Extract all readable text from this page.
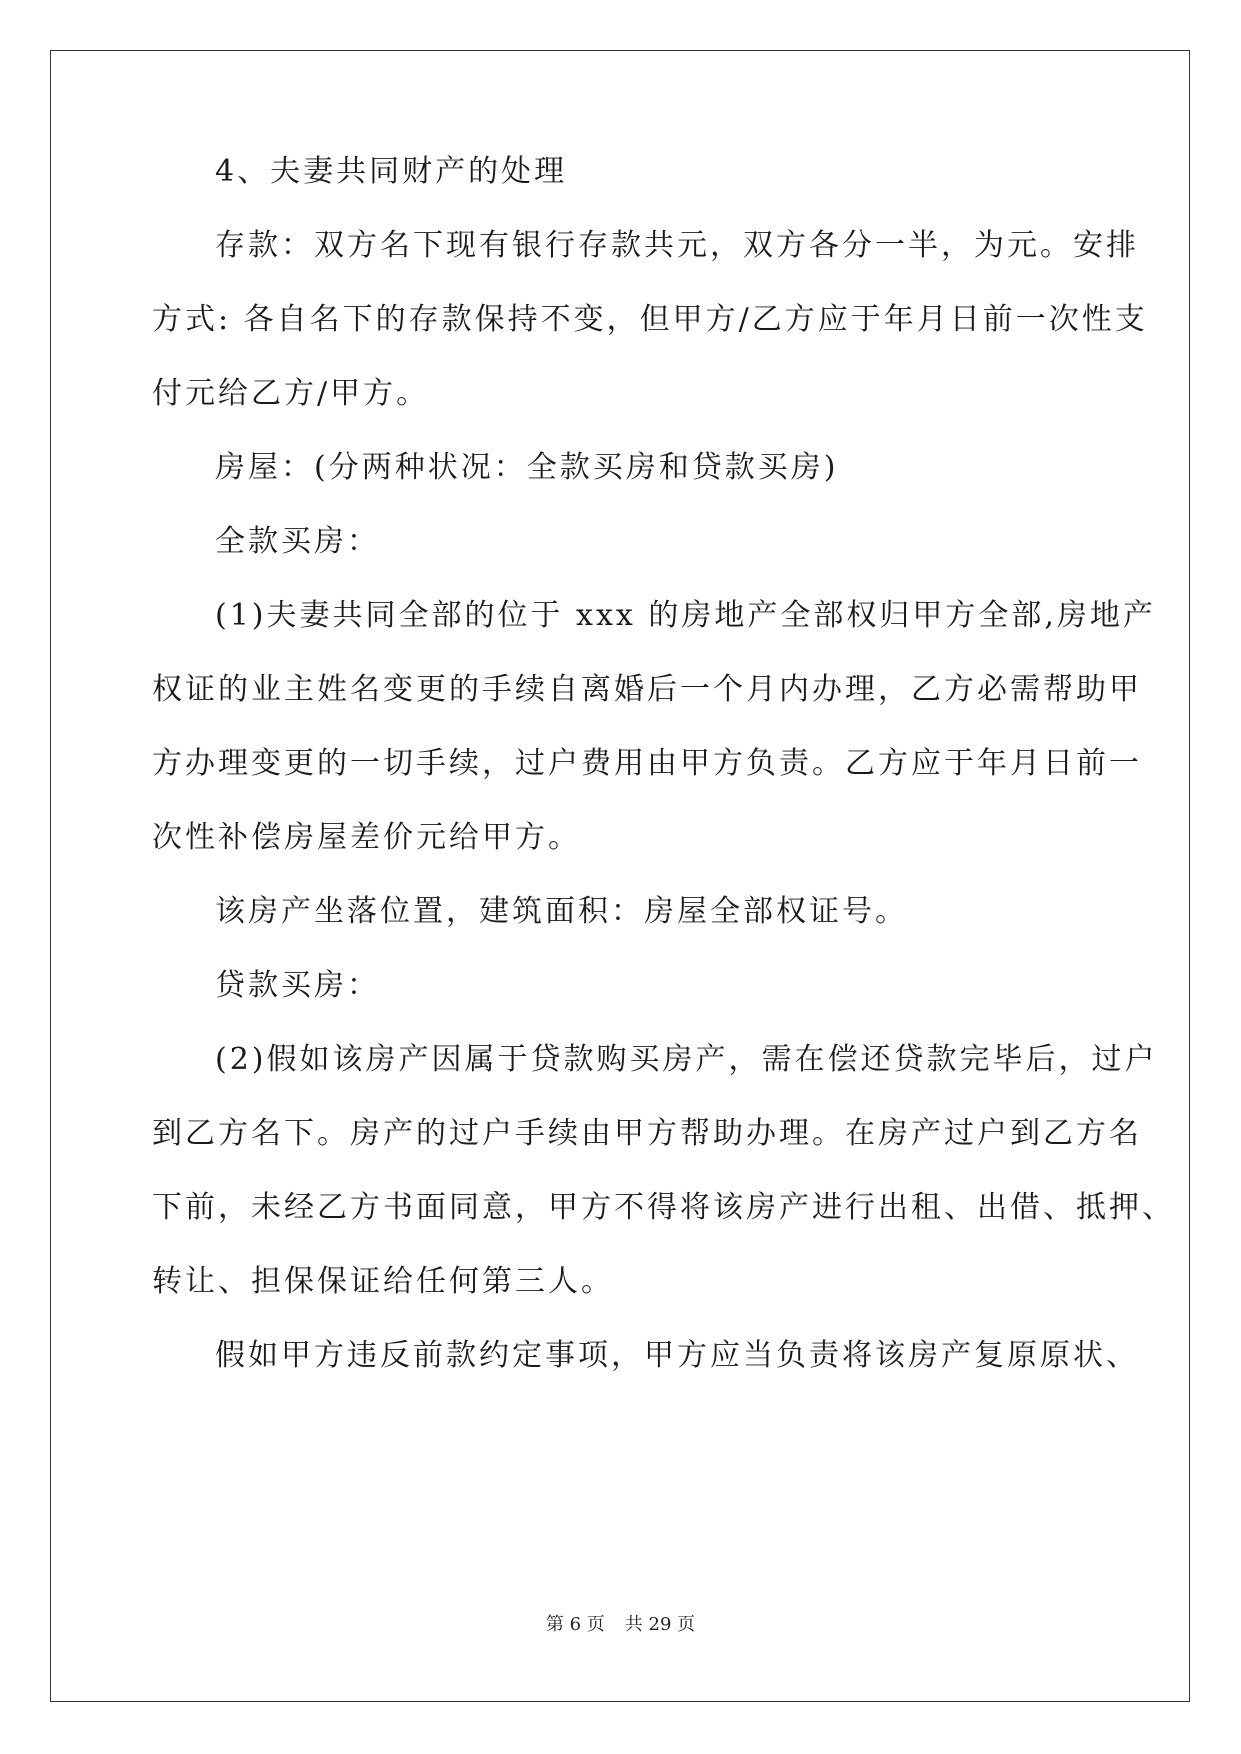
4、夫妻共同财产的处理
存款：双方名下现有银行存款共元，双方各分一半，为元。安排
方式: 各自名下的存款保持不变，但甲方/乙方应于年月日前一次性支
付元给乙方/甲方。
房屋：(分两种状况：全款买房和贷款买房)
全款买房：
(1)夫妻共同全部的位于 xxx 的房地产全部权归甲方全部,房地产
权证的业主姓名变更的手续自离婚后一个月内办理，乙方必需帮助甲
方办理变更的一切手续，过户费用由甲方负责。乙方应于年月日前一
次性补偿房屋差价元给甲方。
该房产坐落位置，建筑面积：房屋全部权证号。
贷款买房：
(2)假如该房产因属于贷款购买房产，需在偿还贷款完毕后，过户
到乙方名下。房产的过户手续由甲方帮助办理。在房产过户到乙方名
下前，未经乙方书面同意，甲方不得将该房产进行出租、出借、抵押、
转让、担保保证给任何第三人。
假如甲方违反前款约定事项，甲方应当负责将该房产复原原状、
第 6 页 共 29 页
